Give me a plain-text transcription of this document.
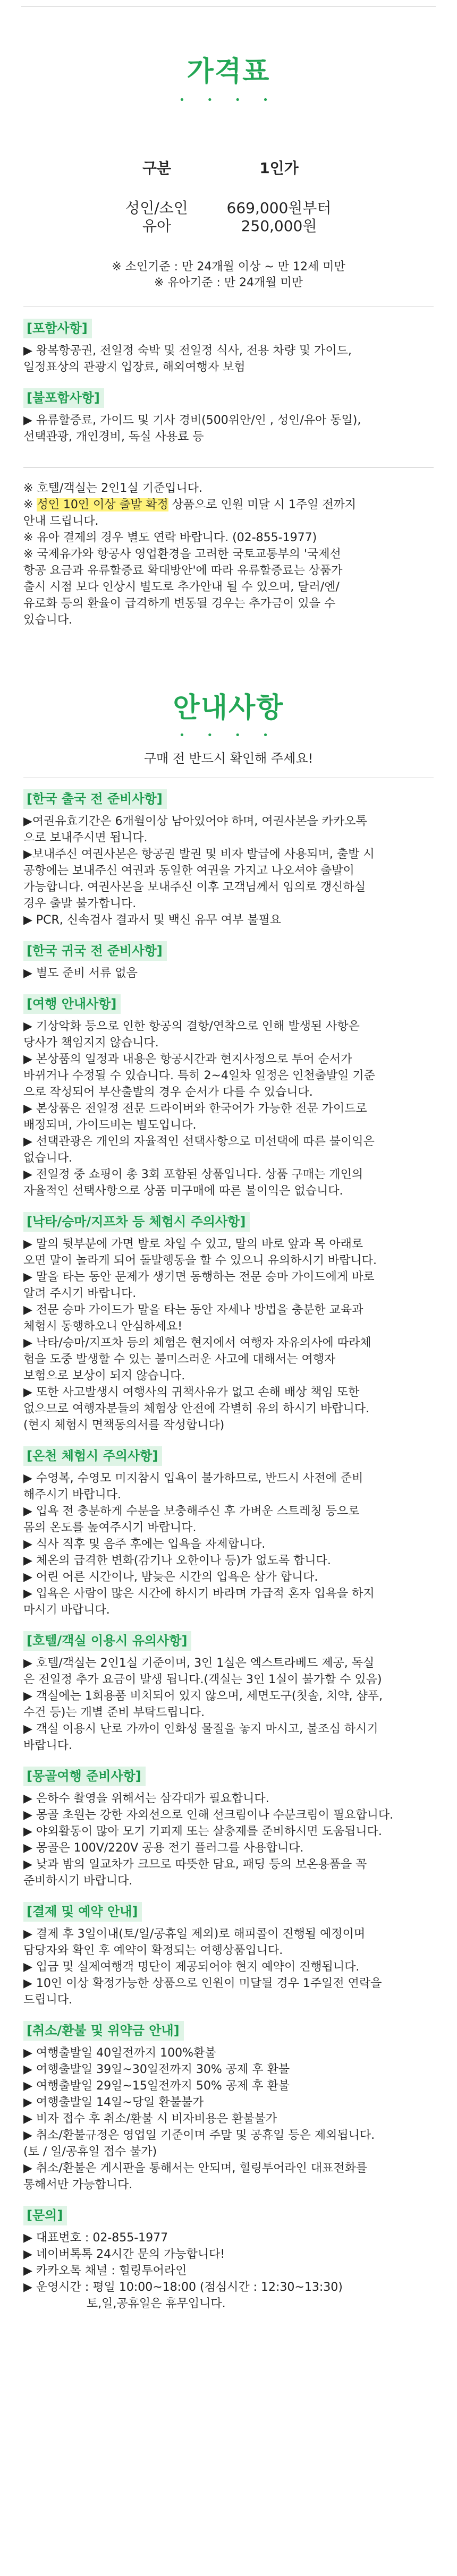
가격표
• • • •
구분	1인가
성인/소인	669,000원부터
유아	250,000원
※ 소인기준 : 만 24개월 이상 ~ 만 12세 미만
※ 유아기준 : 만 24개월 미만
[포함사항]

▶ 왕복항공권, 전일정 숙박 및 전일정 식사, 전용 차량 및 가이드,

일정표상의 관광지 입장료, 해외여행자 보험

[불포함사항]

▶ 유류할증료, 가이드 및 기사 경비(500위안/인 , 성인/유아 동일),

선택관광, 개인경비, 독실 사용료 등

※ 호텔/객실는 2인1실 기준입니다.

※ 성인 10인 이상 출발 확정 상품으로 인원 미달 시 1주일 전까지

안내 드립니다.

※ 유아 결제의 경우 별도 연락 바랍니다. (02-855-1977)

※ 국제유가와 항공사 영업환경을 고려한 국토교통부의 '국제선

항공 요금과 유류할증료 확대방안'에 따라 유류할증료는 상품가

출시 시점 보다 인상시 별도로 추가안내 될 수 있으며, 달러/엔/

유로화 등의 환율이 급격하게 변동될 경우는 추가금이 있을 수

있습니다.

안내사항
• • • •
구매 전 반드시 확인해 주세요!
[한국 출국 전 준비사항]

▶여권유효기간은 6개월이상 남아있어야 하며, 여권사본을 카카오톡

으로 보내주시면 됩니다.

▶보내주신 여권사본은 항공권 발권 및 비자 발급에 사용되며, 출발 시

공항에는 보내주신 여권과 동일한 여권을 가지고 나오셔야 출발이

가능합니다. 여권사본을 보내주신 이후 고객님께서 임의로 갱신하실

경우 출발 불가합니다.

▶ PCR, 신속검사 결과서 및 백신 유무 여부 불필요

[한국 귀국 전 준비사항]

▶ 별도 준비 서류 없음

[여행 안내사항]

▶ 기상악화 등으로 인한 항공의 결항/연착으로 인해 발생된 사항은

당사가 책임지지 않습니다.

▶ 본상품의 일정과 내용은 항공시간과 현지사정으로 투어 순서가

바뀌거나 수정될 수 있습니다. 특히 2~4일차 일정은 인천출발일 기준

으로 작성되어 부산출발의 경우 순서가 다를 수 있습니다.

▶ 본상품은 전일정 전문 드라이버와 한국어가 가능한 전문 가이드로

배정되며, 가이드비는 별도입니다.

▶ 선택관광은 개인의 자율적인 선택사항으로 미선택에 따른 불이익은

없습니다.

▶ 전일정 중 쇼핑이 총 3회 포함된 상품입니다. 상품 구매는 개인의

자율적인 선택사항으로 상품 미구매에 따른 불이익은 없습니다.

[낙타/승마/지프차 등 체험시 주의사항]

▶ 말의 뒷부분에 가면 발로 차일 수 있고, 말의 바로 앞과 목 아래로

오면 말이 놀라게 되어 돌발행동을 할 수 있으니 유의하시기 바랍니다.

▶ 말을 타는 동안 문제가 생기면 동행하는 전문 승마 가이드에게 바로

알려 주시기 바랍니다.

▶ 전문 승마 가이드가 말을 타는 동안 자세나 방법을 충분한 교육과

체험시 동행하오니 안심하세요!

▶ 낙타/승마/지프차 등의 체험은 현지에서 여행자 자유의사에 따라체

험을 도중 발생할 수 있는 불미스러운 사고에 대해서는 여행자

보험으로 보상이 되지 않습니다.

▶ 또한 사고발생시 여행사의 귀책사유가 없고 손해 배상 책임 또한

없으므로 여행자분들의 체험상 안전에 각별히 유의 하시기 바랍니다.

(현지 체험시 면책동의서를 작성합니다)

[온천 체험시 주의사항]

▶ 수영복, 수영모 미지참시 입욕이 불가하므로, 반드시 사전에 준비

해주시기 바랍니다.

▶ 입욕 전 충분하게 수분을 보충해주신 후 가벼운 스트레칭 등으로

몸의 온도를 높여주시기 바랍니다.

▶ 식사 직후 및 음주 후에는 입욕을 자제합니다.

▶ 체온의 급격한 변화(감기나 오한이나 등)가 없도록 합니다.

▶ 어린 어른 시간이나, 밤늦은 시간의 입욕은 삼가 합니다.

▶ 입욕은 사람이 많은 시간에 하시기 바라며 가급적 혼자 입욕을 하지

마시기 바랍니다.

[호텔/객실 이용시 유의사항]

▶ 호텔/객실는 2인1실 기준이며, 3인 1실은 엑스트라베드 제공, 독실

은 전일정 추가 요금이 발생 됩니다.(객실는 3인 1실이 불가할 수 있음)

▶ 객실에는 1회용품 비치되어 있지 않으며, 세면도구(칫솔, 치약, 샴푸,

수건 등)는 개별 준비 부탁드립니다.

▶ 객실 이용시 난로 가까이 인화성 물질을 놓지 마시고, 불조심 하시기

바랍니다.

[몽골여행 준비사항]

▶ 은하수 촬영을 위해서는 삼각대가 필요합니다.

▶ 몽골 초원는 강한 자외선으로 인해 선크림이나 수분크림이 필요합니다.

▶ 야외활동이 많아 모기 기피제 또는 살충제를 준비하시면 도움됩니다.

▶ 몽골은 100V/220V 공용 전기 플러그를 사용합니다.

▶ 낮과 밤의 일교차가 크므로 따뜻한 담요, 패딩 등의 보온용품을 꼭

준비하시기 바랍니다.

[결제 및 예약 안내]

▶ 결제 후 3일이내(토/일/공휴일 제외)로 해피콜이 진행될 예정이며

담당자와 확인 후 예약이 확정되는 여행상품입니다.

▶ 입금 및 실제여행객 명단이 제공되어야 현지 예약이 진행됩니다.

▶ 10인 이상 확정가능한 상품으로 인원이 미달될 경우 1주일전 연락을

드립니다.

[취소/환불 및 위약금 안내]

▶ 여행출발일 40일전까지 100%환불

▶ 여행출발일 39일~30일전까지 30% 공제 후 환불

▶ 여행출발일 29일~15일전까지 50% 공제 후 환불

▶ 여행출발일 14일~당일 환불불가

▶ 비자 접수 후 취소/환불 시 비자비용은 환불불가

▶ 취소/환불규정은 영업일 기준이며 주말 및 공휴일 등은 제외됩니다.

(토 / 일/공휴일 접수 불가)

▶ 취소/환불은 게시판을 통해서는 안되며, 힐링투어라인 대표전화를

통해서만 가능합니다.

[문의]

▶ 대표번호 : 02-855-1977

▶ 네이버톡톡 24시간 문의 가능합니다!

▶ 카카오톡 채널 : 힐링투어라인

▶ 운영시간 : 평일 10:00~18:00 (점심시간 : 12:30~13:30)

토,일,공휴일은 휴무입니다.
